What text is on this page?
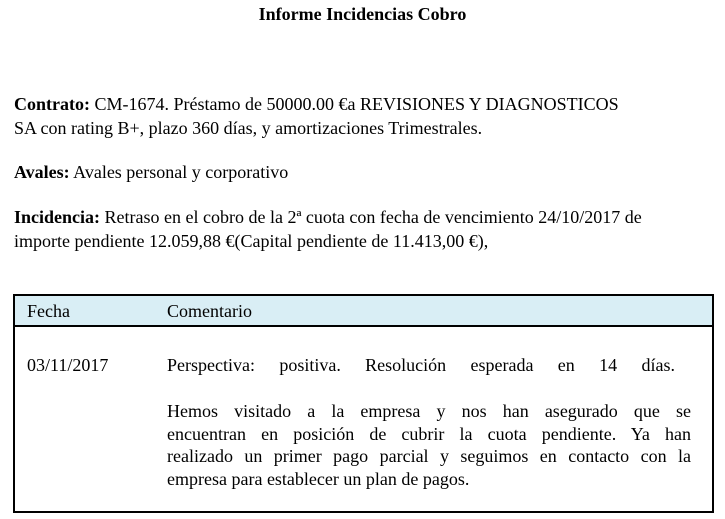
Informe Incidencias Cobro
Contrato: CM-1674. Préstamo de 50000.00 €a REVISIONES Y DIAGNOSTICOS
SA con rating B+, plazo 360 días, y amortizaciones Trimestrales.
Avales: Avales personal y corporativo
Incidencia: Retraso en el cobro de la 2ª cuota con fecha de vencimiento 24/10/2017 de
importe pendiente 12.059,88 €(Capital pendiente de 11.413,00 €),
Fecha	Comentario
03/11/2017	Perspectiva: positiva. Resolución esperada en 14 días.
Hemos visitado a la empresa y nos han asegurado que se
encuentran en posición de cubrir la cuota pendiente. Ya han
realizado un primer pago parcial y seguimos en contacto con la
empresa para establecer un plan de pagos.
